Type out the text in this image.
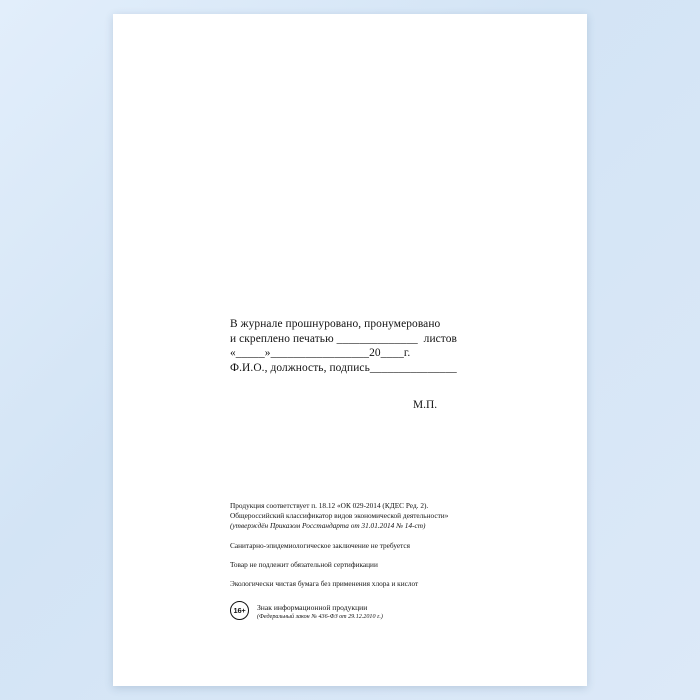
В журнале прошнуровано, пронумеровано
и скреплено печатью ______________  листов
«_____»_________________20____г.
Ф.И.О., должность, подпись_______________
М.П.
Продукция соответствует п. 18.12 «ОК 029-2014 (КДЕС Ред. 2).
Общероссийский классификатор видов экономической деятельности»
(утверждён Приказом Росстандарта от 31.01.2014 № 14-ст)
Санитарно-эпидемиологическое заключение не требуется
Товар не подлежит обязательной сертификации
Экологически чистая бумага без применения хлора и кислот
16+	Знак информационной продукции
(Федеральный закон № 436-ФЗ от 29.12.2010 г.)
